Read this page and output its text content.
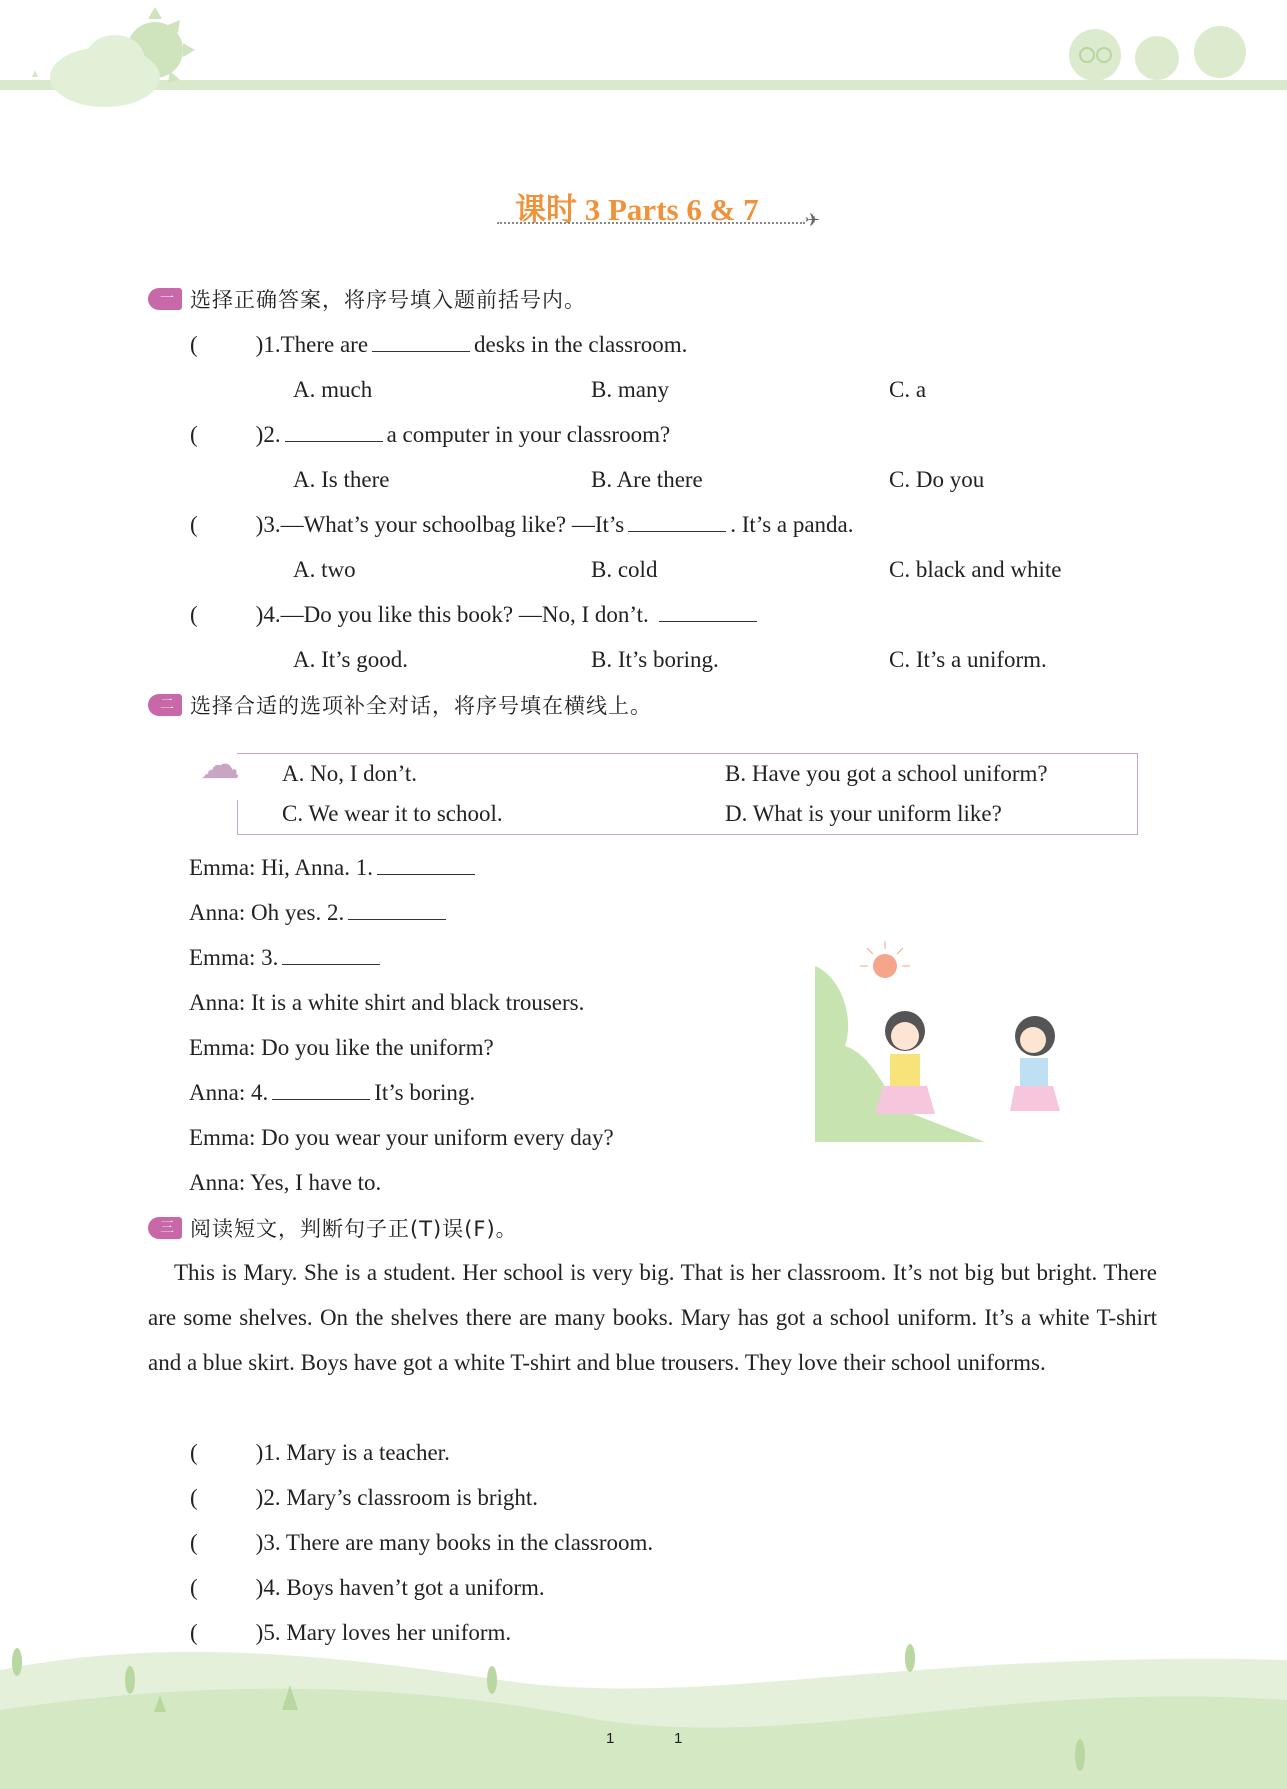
课时 3 Parts 6 & 7	✈
一 选择正确答案，将序号填入题前括号内。
二 选择合适的选项补全对话，将序号填在横线上。
☁ A. No, I don’t.	B. Have you got a school uniform?
C. We wear it to school.	D. What is your uniform like?
三 阅读短文，判断句子正(T)误(F)。
This is Mary. She is a student. Her school is very big. That is her classroom. It’s not big but bright. There are some shelves. On the shelves there are many books. Mary has got a school uniform. It’s a white T-shirt and a blue skirt. Boys have got a white T-shirt and blue trousers. They love their school uniforms.
1	1
(	)1.There are	desks in the classroom.
A. much	B. many	C. a
(	)2.	a computer in your classroom?
A. Is there	B. Are there	C. Do you
(	)3.—What’s your schoolbag like? —It’s	. It’s a panda.
A. two	B. cold	C. black and white
(	)4.—Do you like this book? —No, I don’t.
A. It’s good.	B. It’s boring.	C. It’s a uniform.
Emma: Hi, Anna. 1.
Anna: Oh yes. 2.
Emma: 3.
Anna: It is a white shirt and black trousers.
Emma: Do you like the uniform?
Anna: 4.	It’s boring.
Emma: Do you wear your uniform every day?
Anna: Yes, I have to.
(	)1. Mary is a teacher.
(	)2. Mary’s classroom is bright.
(	)3. There are many books in the classroom.
(	)4. Boys haven’t got a uniform.
(	)5. Mary loves her uniform.
